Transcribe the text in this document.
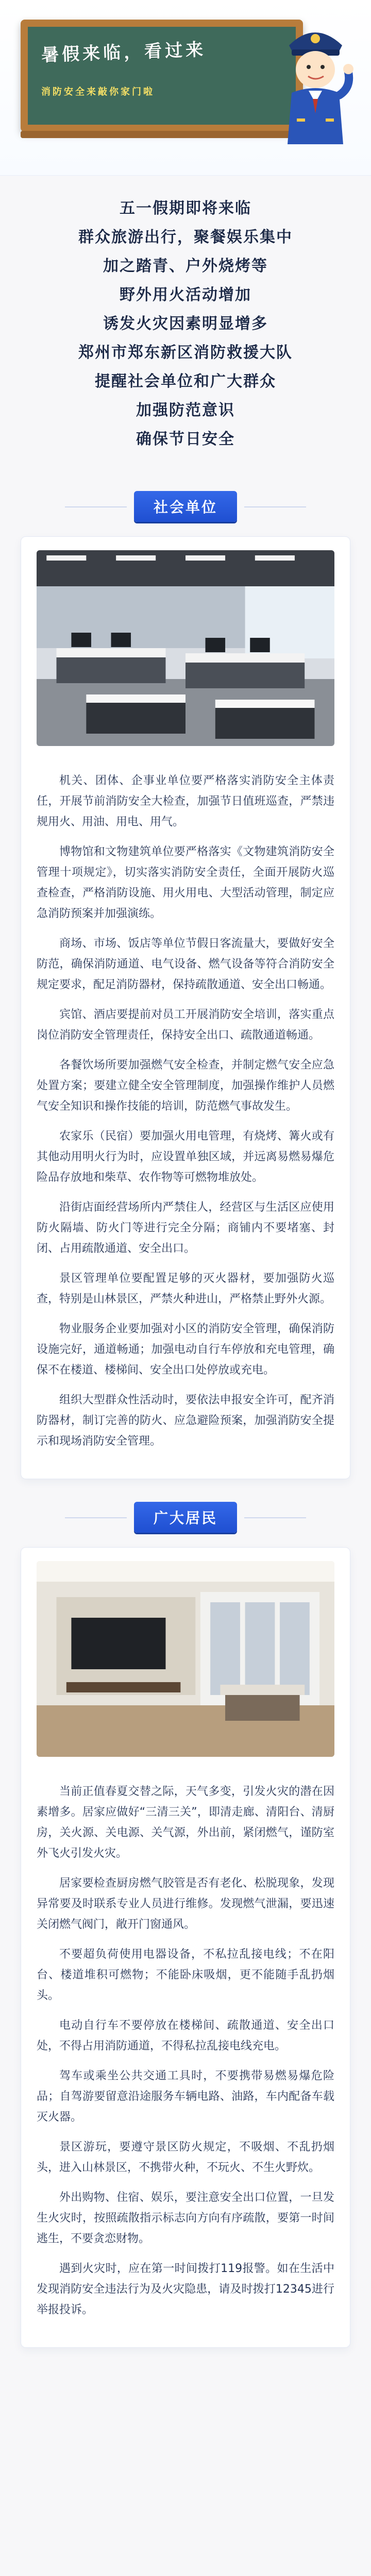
暑假来临，看过来
消防安全来敲你家门啦
五一假期即将来临
群众旅游出行，聚餐娱乐集中
加之踏青、户外烧烤等
野外用火活动增加
诱发火灾因素明显增多
郑州市郑东新区消防救援大队
提醒社会单位和广大群众
加强防范意识
确保节日安全
社会单位

机关、团体、企事业单位要严格落实消防安全主体责任，开展节前消防安全大检查，加强节日值班巡查，严禁违规用火、用油、用电、用气。

博物馆和文物建筑单位要严格落实《文物建筑消防安全管理十项规定》，切实落实消防安全责任，全面开展防火巡查检查，严格消防设施、用火用电、大型活动管理，制定应急消防预案并加强演练。

商场、市场、饭店等单位节假日客流量大，要做好安全防范，确保消防通道、电气设备、燃气设备等符合消防安全规定要求，配足消防器材，保持疏散通道、安全出口畅通。

宾馆、酒店要提前对员工开展消防安全培训，落实重点岗位消防安全管理责任，保持安全出口、疏散通道畅通。

各餐饮场所要加强燃气安全检查，并制定燃气安全应急处置方案；要建立健全安全管理制度，加强操作维护人员燃气安全知识和操作技能的培训，防范燃气事故发生。

农家乐（民宿）要加强火用电管理，有烧烤、篝火或有其他动用明火行为时，应设置单独区域，并远离易燃易爆危险品存放地和柴草、农作物等可燃物堆放处。

沿街店面经营场所内严禁住人，经营区与生活区应使用防火隔墙、防火门等进行完全分隔；商铺内不要堵塞、封闭、占用疏散通道、安全出口。

景区管理单位要配置足够的灭火器材，要加强防火巡查，特别是山林景区，严禁火种进山，严格禁止野外火源。

物业服务企业要加强对小区的消防安全管理，确保消防设施完好，通道畅通；加强电动自行车停放和充电管理，确保不在楼道、楼梯间、安全出口处停放或充电。

组织大型群众性活动时，要依法申报安全许可，配齐消防器材，制订完善的防火、应急避险预案，加强消防安全提示和现场消防安全管理。

广大居民

当前正值春夏交替之际，天气多变，引发火灾的潜在因素增多。居家应做好“三清三关”，即清走廊、清阳台、清厨房，关火源、关电源、关气源，外出前，紧闭燃气，谨防室外飞火引发火灾。

居家要检查厨房燃气胶管是否有老化、松脱现象，发现异常要及时联系专业人员进行维修。发现燃气泄漏，要迅速关闭燃气阀门，敞开门窗通风。

不要超负荷使用电器设备，不私拉乱接电线；不在阳台、楼道堆积可燃物；不能卧床吸烟，更不能随手乱扔烟头。

电动自行车不要停放在楼梯间、疏散通道、安全出口处，不得占用消防通道，不得私拉乱接电线充电。

驾车或乘坐公共交通工具时，不要携带易燃易爆危险品；自驾游要留意沿途服务车辆电路、油路，车内配备车载灭火器。

景区游玩，要遵守景区防火规定，不吸烟、不乱扔烟头，进入山林景区，不携带火种，不玩火、不生火野炊。

外出购物、住宿、娱乐，要注意安全出口位置，一旦发生火灾时，按照疏散指示标志向方向有序疏散，要第一时间逃生，不要贪恋财物。

遇到火灾时，应在第一时间拨打119报警。如在生活中发现消防安全违法行为及火灾隐患，请及时拨打12345进行举报投诉。
